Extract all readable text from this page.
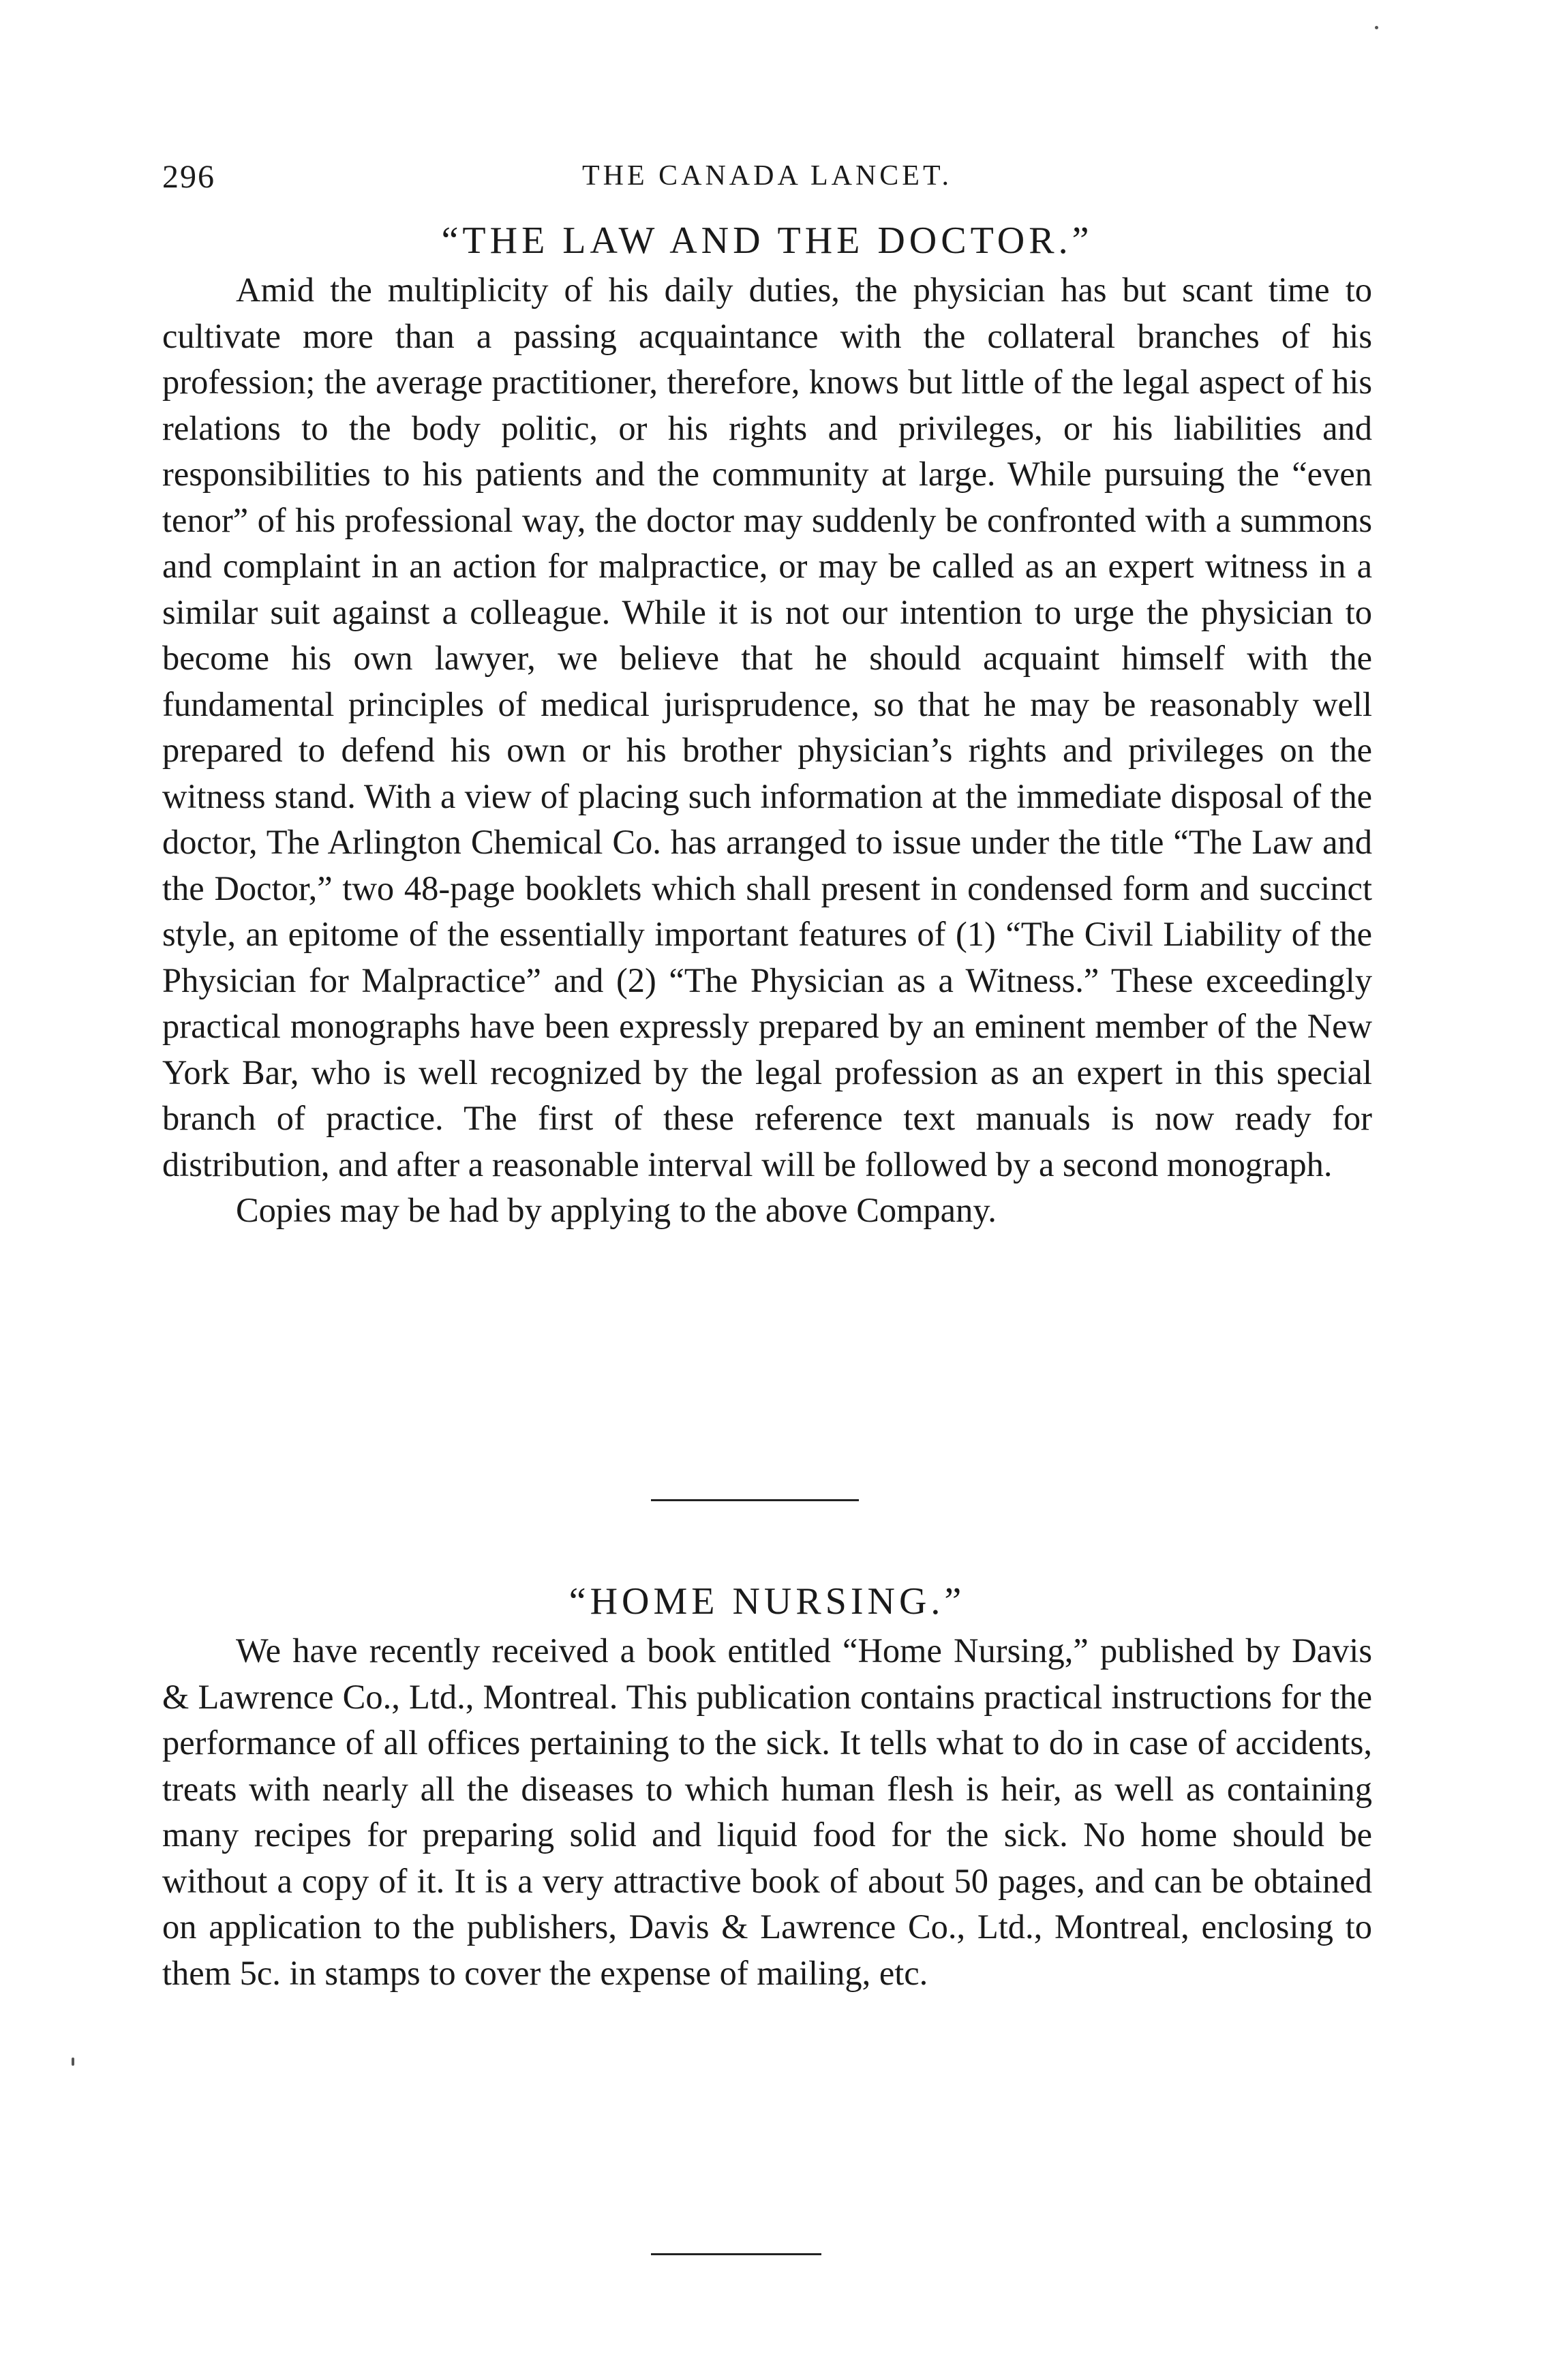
296	THE CANADA LANCET.
“THE LAW AND THE DOCTOR.”

Amid the multiplicity of his daily duties, the physician has but scant time to cultivate more than a passing acquaintance with the collateral branches of his profession; the average practitioner, therefore, knows but little of the legal aspect of his relations to the body politic, or his rights and privileges, or his liabilities and responsibilities to his patients and the community at large. While pursuing the “even tenor” of his professional way, the doctor may suddenly be confronted with a summons and complaint in an action for malpractice, or may be called as an expert witness in a similar suit against a colleague. While it is not our intention to urge the physician to become his own lawyer, we believe that he should acquaint himself with the fundamental principles of medical jurisprudence, so that he may be reasonably well prepared to defend his own or his brother physician’s rights and privileges on the witness stand. With a view of placing such information at the immediate disposal of the doctor, The Arlington Chemical Co. has arranged to issue under the title “The Law and the Doctor,” two 48-page booklets which shall present in condensed form and succinct style, an epitome of the essentially important features of (1) “The Civil Liability of the Physician for Malpractice” and (2) “The Physician as a Witness.” These exceedingly practical monographs have been expressly prepared by an eminent member of the New York Bar, who is well recognized by the legal profession as an expert in this special branch of practice. The first of these reference text manuals is now ready for distribution, and after a reasonable interval will be followed by a second monograph.

Copies may be had by applying to the above Company.

“HOME NURSING.”

We have recently received a book entitled “Home Nursing,” published by Davis & Lawrence Co., Ltd., Montreal. This publication contains practical instructions for the performance of all offices pertaining to the sick. It tells what to do in case of accidents, treats with nearly all the diseases to which human flesh is heir, as well as containing many recipes for preparing solid and liquid food for the sick. No home should be without a copy of it. It is a very attractive book of about 50 pages, and can be obtained on application to the publishers, Davis & Lawrence Co., Ltd., Montreal, enclosing to them 5c. in stamps to cover the expense of mailing, etc.
